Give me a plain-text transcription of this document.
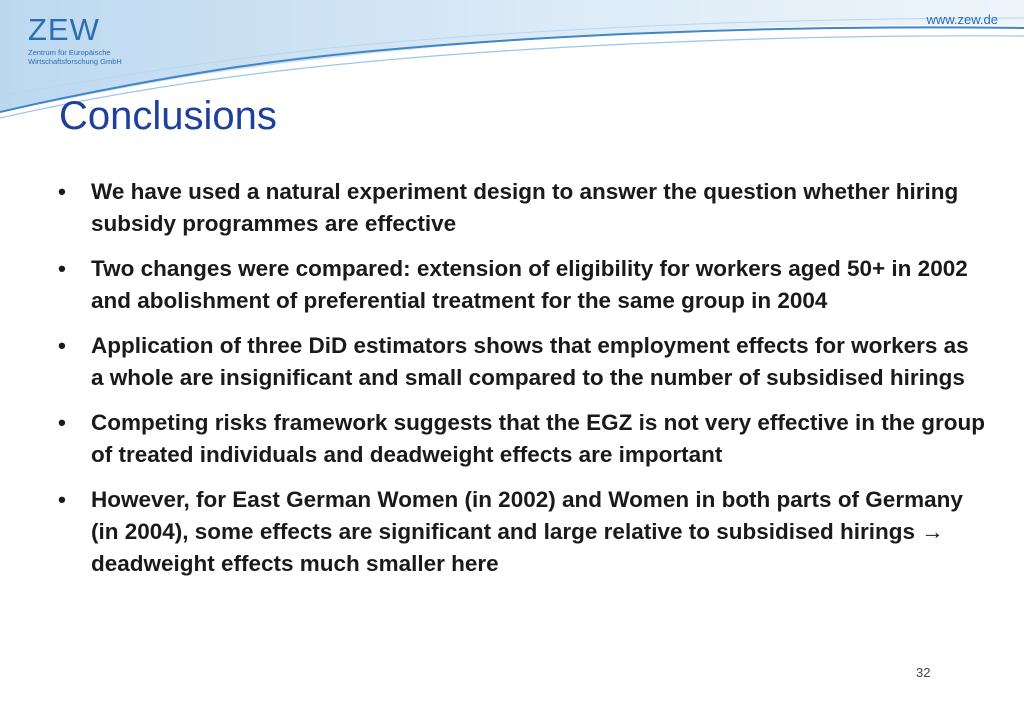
ZEW
Zentrum für Europäische
Wirtschaftsforschung GmbH
www.zew.de
Conclusions
• We have used a natural experiment design to answer the question whether hiring subsidy programmes are effective
• Two changes were compared: extension of eligibility for workers aged 50+ in 2002 and abolishment of preferential treatment for the same group in 2004
• Application of three DiD estimators shows that employment effects for workers as a whole are insignificant and small compared to the number of subsidised hirings
• Competing risks framework suggests that the EGZ is not very effective in the group of treated individuals and deadweight effects are important
• However, for East German Women (in 2002) and Women in both parts of Germany (in 2004), some effects are significant and large relative to subsidised hirings → deadweight effects much smaller here
32
